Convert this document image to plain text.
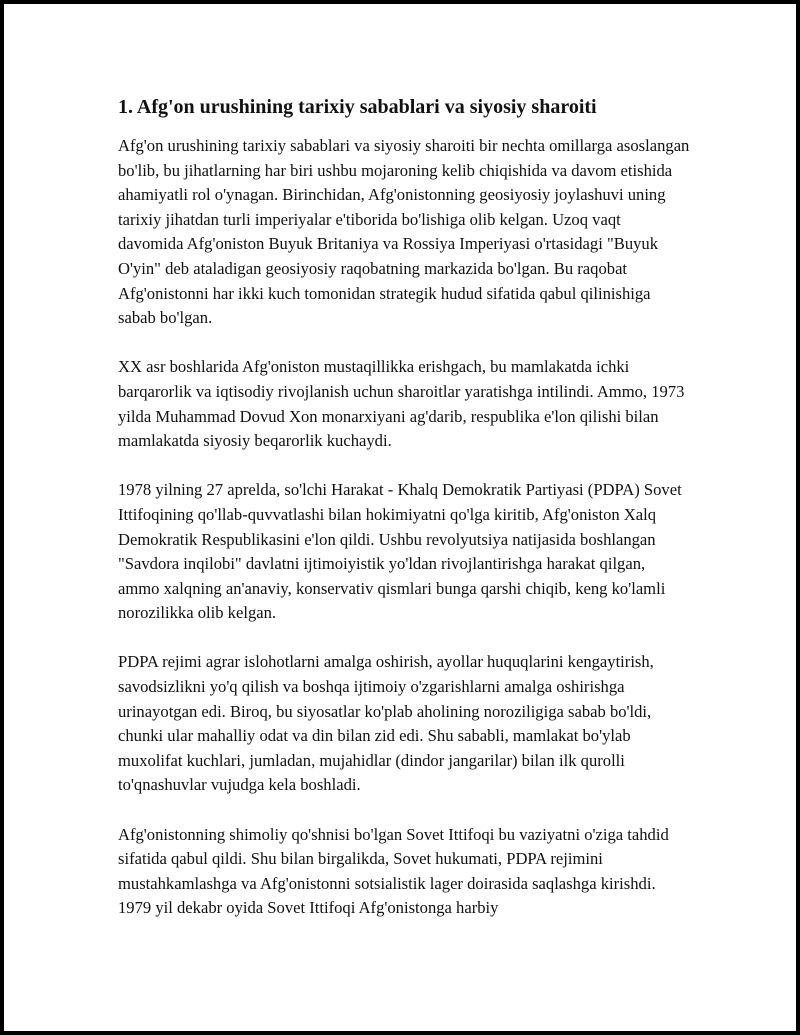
1. Afg'on urushining tarixiy sabablari va siyosiy sharoiti

Afg'on urushining tarixiy sabablari va siyosiy sharoiti bir nechta omillarga asoslangan bo'lib, bu jihatlarning har biri ushbu mojaroning kelib chiqishida va davom etishida ahamiyatli rol o'ynagan. Birinchidan, Afg'onistonning geosiyosiy joylashuvi uning tarixiy jihatdan turli imperiyalar e'tiborida bo'lishiga olib kelgan. Uzoq vaqt davomida Afg'oniston Buyuk Britaniya va Rossiya Imperiyasi o'rtasidagi "Buyuk O'yin" deb ataladigan geosiyosiy raqobatning markazida bo'lgan. Bu raqobat Afg'onistonni har ikki kuch tomonidan strategik hudud sifatida qabul qilinishiga sabab bo'lgan.

XX asr boshlarida Afg'oniston mustaqillikka erishgach, bu mamlakatda ichki barqarorlik va iqtisodiy rivojlanish uchun sharoitlar yaratishga intilindi. Ammo, 1973 yilda Muhammad Dovud Xon monarxiyani ag'darib, respublika e'lon qilishi bilan mamlakatda siyosiy beqarorlik kuchaydi.

1978 yilning 27 aprelda, so'lchi Harakat - Khalq Demokratik Partiyasi (PDPA) Sovet Ittifoqining qo'llab-quvvatlashi bilan hokimiyatni qo'lga kiritib, Afg'oniston Xalq Demokratik Respublikasini e'lon qildi. Ushbu revolyutsiya natijasida boshlangan "Savdora inqilobi" davlatni ijtimoiyistik yo'ldan rivojlantirishga harakat qilgan, ammo xalqning an'anaviy, konservativ qismlari bunga qarshi chiqib, keng ko'lamli norozilikka olib kelgan.

PDPA rejimi agrar islohotlarni amalga oshirish, ayollar huquqlarini kengaytirish, savodsizlikni yo'q qilish va boshqa ijtimoiy o'zgarishlarni amalga oshirishga urinayotgan edi. Biroq, bu siyosatlar ko'plab aholining noroziligiga sabab bo'ldi, chunki ular mahalliy odat va din bilan zid edi. Shu sababli, mamlakat bo'ylab muxolifat kuchlari, jumladan, mujahidlar (dindor jangarilar) bilan ilk qurolli to'qnashuvlar vujudga kela boshladi.

Afg'onistonning shimoliy qo'shnisi bo'lgan Sovet Ittifoqi bu vaziyatni o'ziga tahdid sifatida qabul qildi. Shu bilan birgalikda, Sovet hukumati, PDPA rejimini mustahkamlashga va Afg'onistonni sotsialistik lager doirasida saqlashga kirishdi. 1979 yil dekabr oyida Sovet Ittifoqi Afg'onistonga harbiy
